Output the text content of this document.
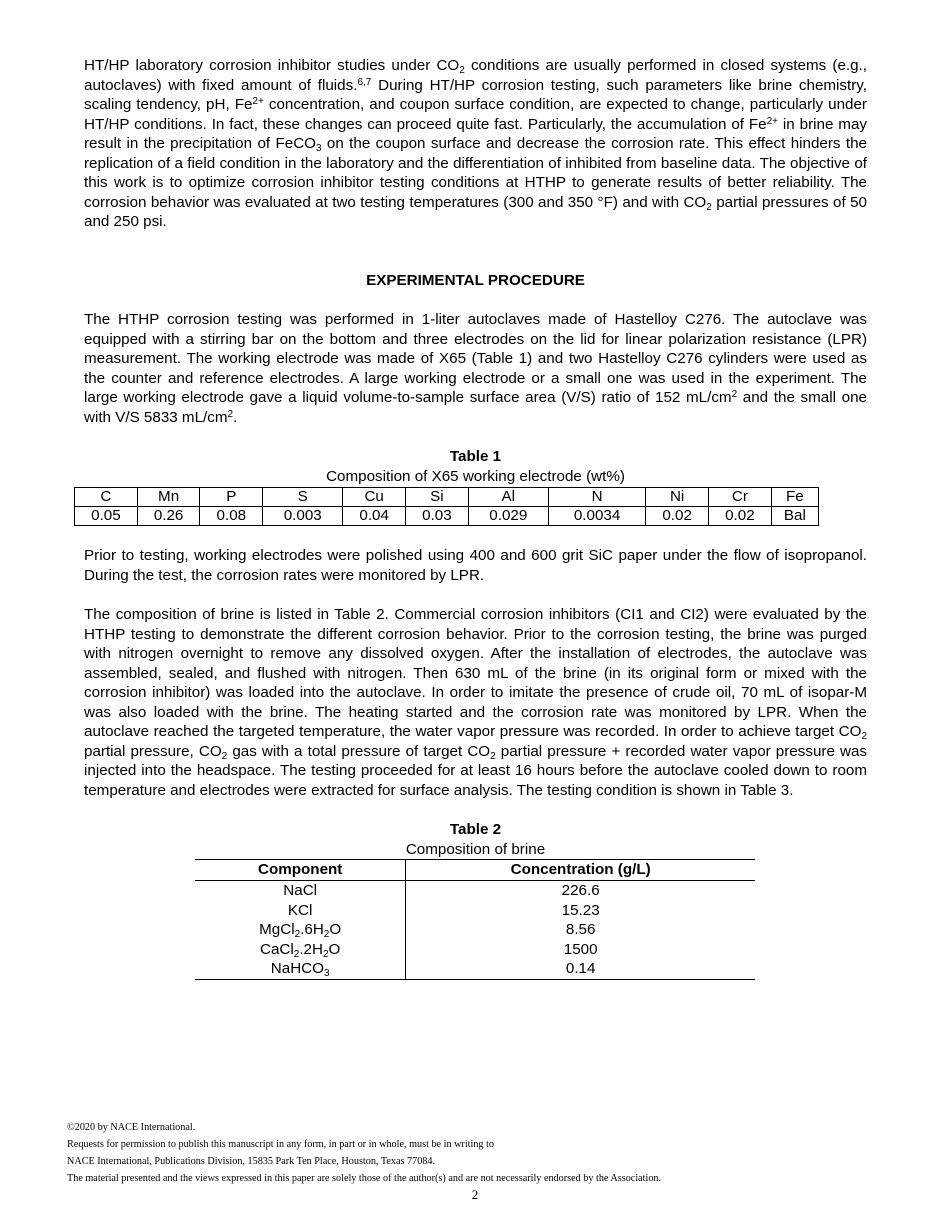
HT/HP laboratory corrosion inhibitor studies under $CO_2$ conditions are usually performed in closed systems (e.g., autoclaves) with fixed amount of fluids.$^{6,7}$ During HT/HP corrosion testing, such parameters like brine chemistry, scaling tendency, pH, $Fe^{2+}$ concentration, and coupon surface condition, are expected to change, particularly under HT/HP conditions. In fact, these changes can proceed quite fast. Particularly, the accumulation of $Fe^{2+}$ in brine may result in the precipitation of FeCO$_3$ on the coupon surface and decrease the corrosion rate. This effect hinders the replication of a field condition in the laboratory and the differentiation of inhibited from baseline data. The objective of this work is to optimize corrosion inhibitor testing conditions at HTHP to generate results of better reliability. The corrosion behavior was evaluated at two testing temperatures (300 and 350 °F) and with $CO_2$ partial pressures of 50 and 250 psi.

EXPERIMENTAL PROCEDURE

The HTHP corrosion testing was performed in 1-liter autoclaves made of Hastelloy C276. The autoclave was equipped with a stirring bar on the bottom and three electrodes on the lid for linear polarization resistance (LPR) measurement. The working electrode was made of X65 (Table 1) and two Hastelloy C276 cylinders were used as the counter and reference electrodes. A large working electrode or a small one was used in the experiment. The large working electrode gave a liquid volume-to-sample surface area (V/S) ratio of 152 $mL/cm^2$ and the small one with V/S 5833 $mL/cm^2$.

Table 1
Composition of X65 working electrode (wt%)
C	Mn	P	S	Cu	Si	Al	N	Ni	Cr	Fe
0.05	0.26	0.08	0.003	0.04	0.03	0.029	0.0034	0.02	0.02	Bal

Prior to testing, working electrodes were polished using 400 and 600 grit SiC paper under the flow of isopropanol. During the test, the corrosion rates were monitored by LPR.

The composition of brine is listed in Table 2. Commercial corrosion inhibitors (CI1 and CI2) were evaluated by the HTHP testing to demonstrate the different corrosion behavior. Prior to the corrosion testing, the brine was purged with nitrogen overnight to remove any dissolved oxygen. After the installation of electrodes, the autoclave was assembled, sealed, and flushed with nitrogen. Then 630 mL of the brine (in its original form or mixed with the corrosion inhibitor) was loaded into the autoclave. In order to imitate the presence of crude oil, 70 mL of isopar-M was also loaded with the brine. The heating started and the corrosion rate was monitored by LPR. When the autoclave reached the targeted temperature, the water vapor pressure was recorded. In order to achieve target $CO_2$ partial pressure, $CO_2$ gas with a total pressure of target $CO_2$ partial pressure + recorded water vapor pressure was injected into the headspace. The testing proceeded for at least 16 hours before the autoclave cooled down to room temperature and electrodes were extracted for surface analysis. The testing condition is shown in Table 3.

Table 2
Composition of brine
Component	Concentration (g/L)
NaCl	226.6
KCl	15.23
$MgCl_2.6H_2O$	8.56
$CaCl_2.2H_2O$	1500
NaHCO$_3$	0.14
©2020 by NACE International.
Requests for permission to publish this manuscript in any form, in part or in whole, must be in writing to
NACE International, Publications Division, 15835 Park Ten Place, Houston, Texas 77084.
The material presented and the views expressed in this paper are solely those of the author(s) and are not necessarily endorsed by the Association.
2
